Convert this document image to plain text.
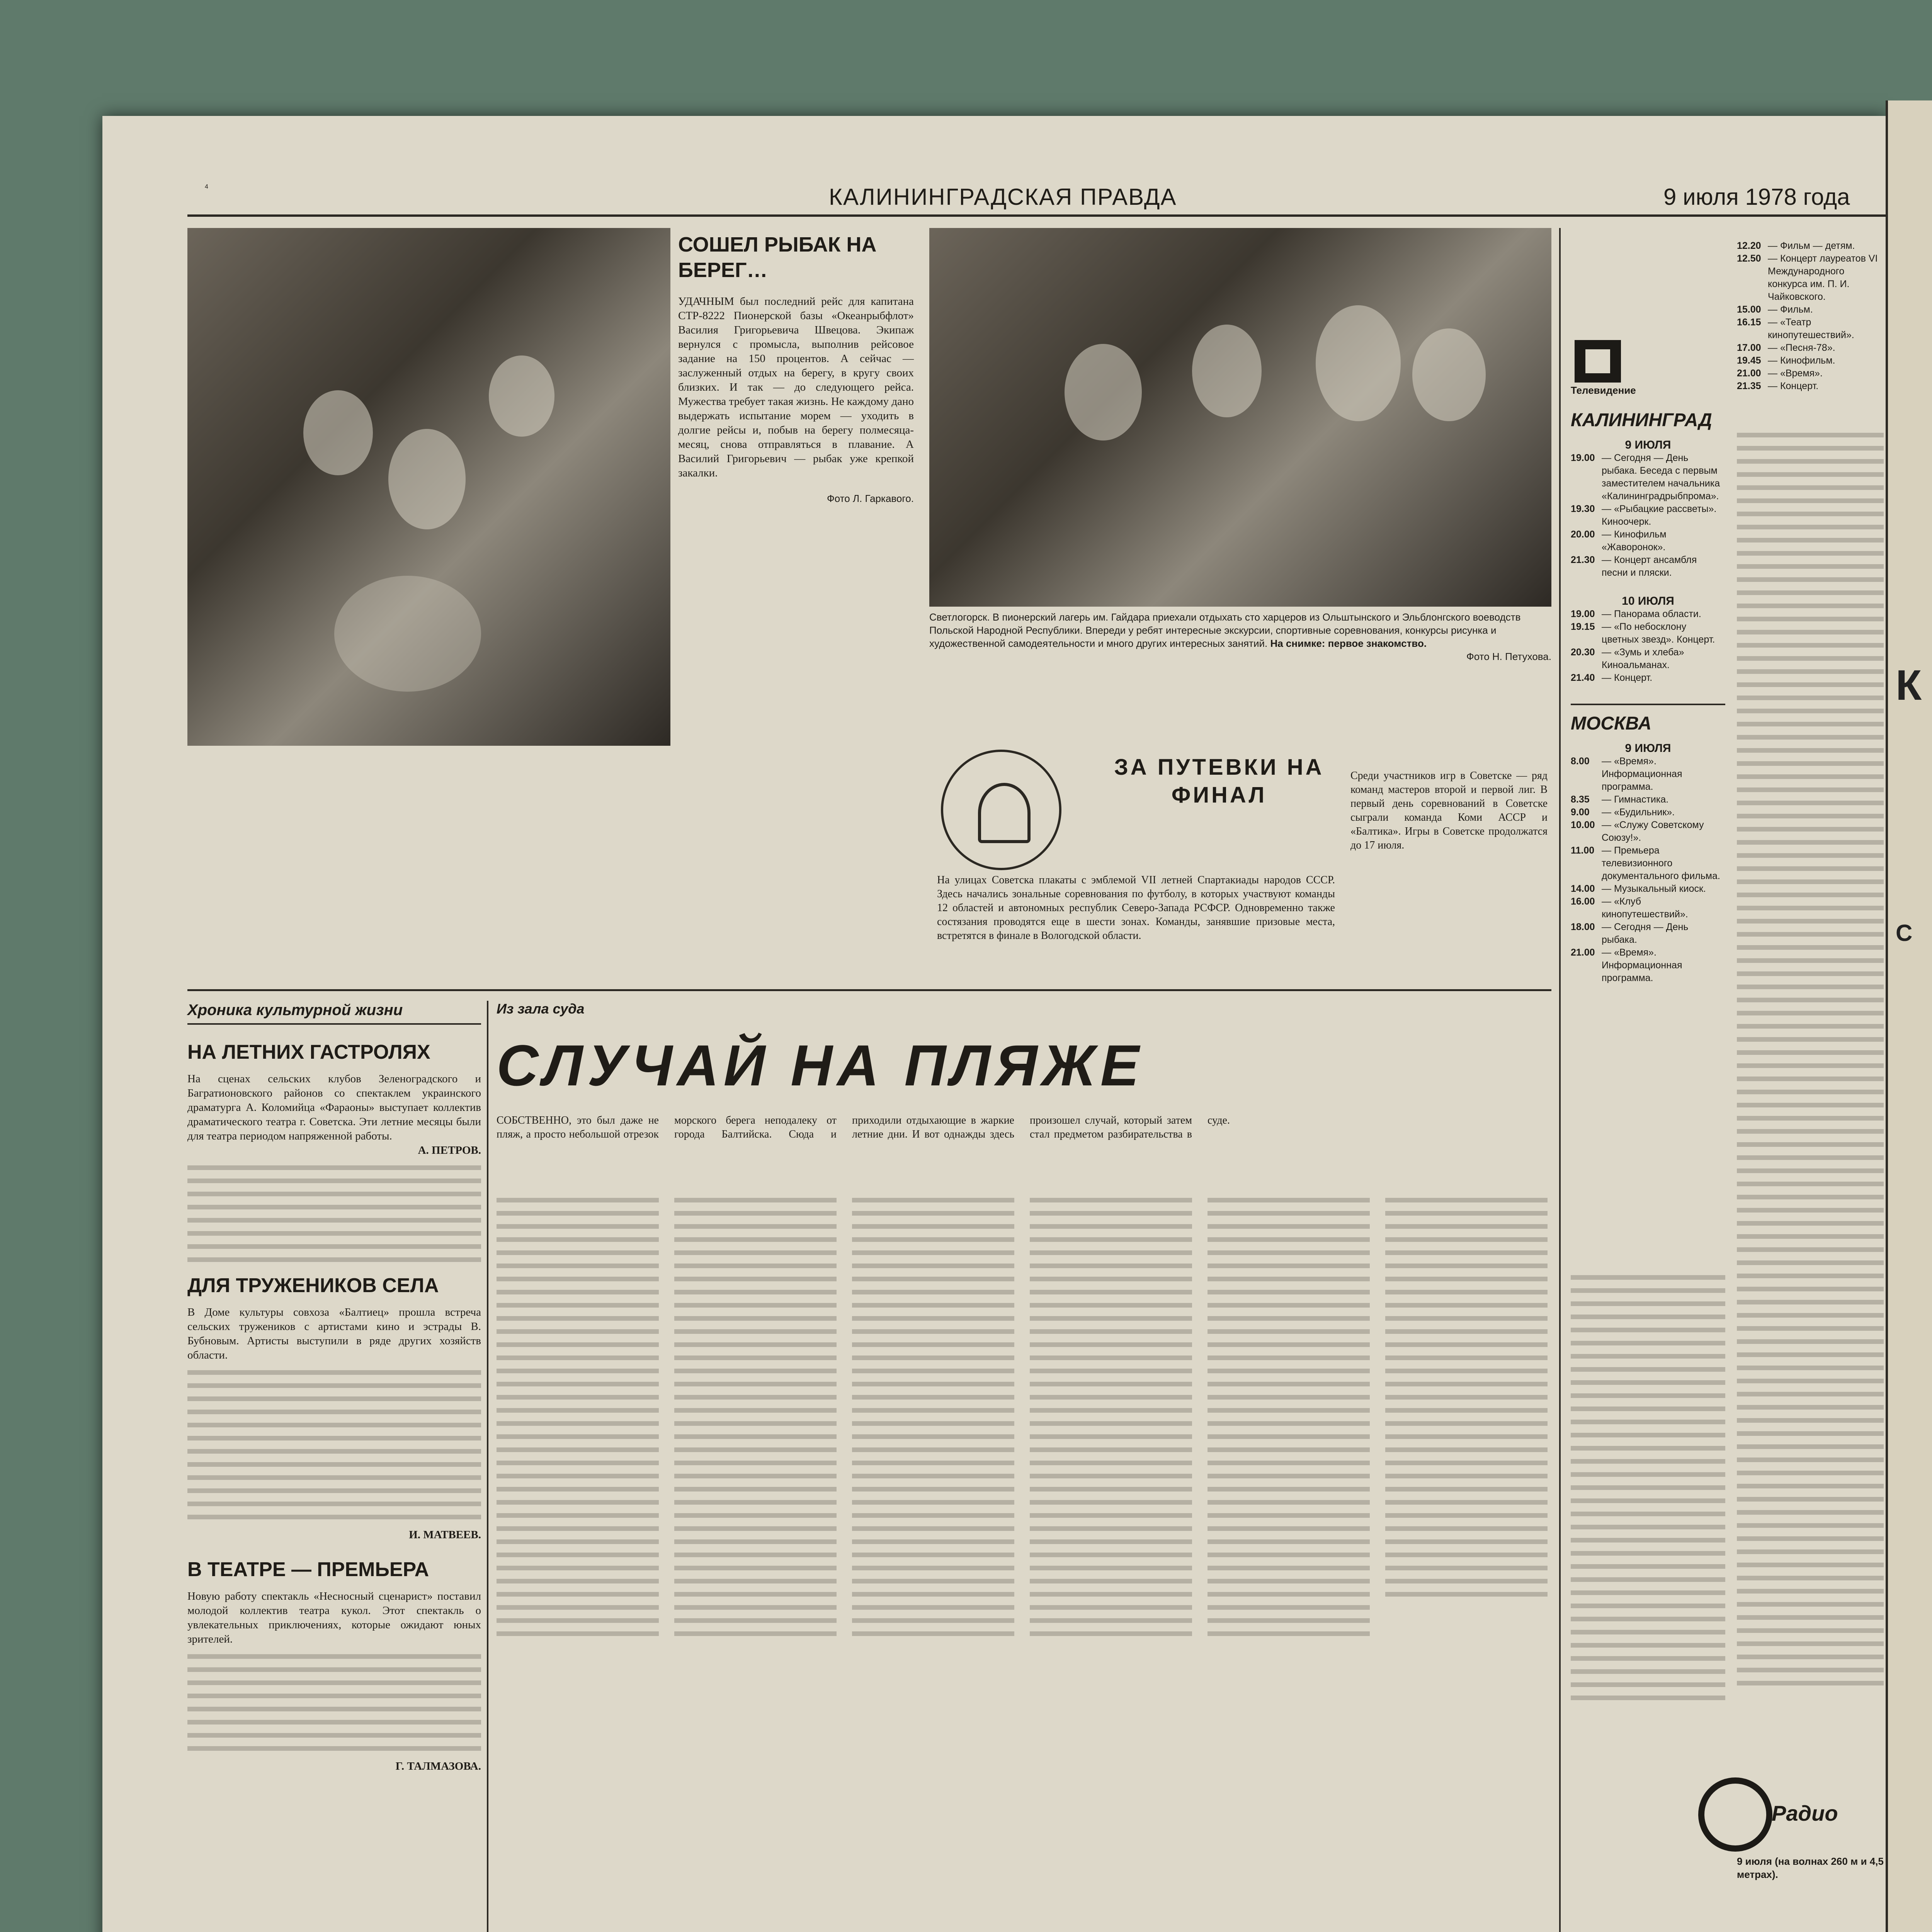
4	КАЛИНИНГРАДСКАЯ ПРАВДА	9 июля 1978 года
СОШЕЛ РЫБАК НА БЕРЕГ…
УДАЧНЫМ был последний рейс для капитана СТР-8222 Пионерской базы «Океанрыбфлот» Василия Григорьевича Швецова. Экипаж вернулся с промысла, выполнив рейсовое задание на 150 процентов. А сейчас — заслуженный отдых на берегу, в кругу своих близких. И так — до следующего рейса. Мужества требует такая жизнь. Не каждому дано выдержать испытание морем — уходить в долгие рейсы и, побыв на берегу полмесяца-месяц, снова отправляться в плавание. А Василий Григорьевич — рыбак уже крепкой закалки.
Фото Л. Гаркавого.
Светлогорск. В пионерский лагерь им. Гайдара приехали отдыхать сто харцеров из Ольштынского и Эльблонгского воеводств Польской Народной Республики. Впереди у ребят интересные экскурсии, спортивные соревнования, конкурсы рисунка и художественной самодеятельности и много других интересных занятий. На снимке: первое знакомство.
Фото Н. Петухова.
ЗА ПУТЕВКИ НА ФИНАЛ
На улицах Советска плакаты с эмблемой VII летней Спартакиады народов СССР. Здесь начались зональные соревнования по футболу, в которых участвуют команды 12 областей и автономных республик Северо-Запада РСФСР. Одновременно также состязания проводятся еще в шести зонах. Команды, занявшие призовые места, встретятся в финале в Вологодской области.
Среди участников игр в Советске — ряд команд мастеров второй и первой лиг. В первый день соревнований в Советске сыграли команда Коми АССР и «Балтика». Игры в Советске продолжатся до 17 июля.
Хроника культурной жизни
НА ЛЕТНИХ ГАСТРОЛЯХ
На сценах сельских клубов Зеленоградского и Багратионовского районов со спектаклем украинского драматурга А. Коломийца «Фараоны» выступает коллектив драматического театра г. Советска. Эти летние месяцы были для театра периодом напряженной работы.
А. ПЕТРОВ.
ДЛЯ ТРУЖЕНИКОВ СЕЛА
В Доме культуры совхоза «Балтиец» прошла встреча сельских тружеников с артистами кино и эстрады В. Бубновым. Артисты выступили в ряде других хозяйств области.
И. МАТВЕЕВ.
В ТЕАТРЕ — ПРЕМЬЕРА
Новую работу спектакль «Несносный сценарист» поставил молодой коллектив театра кукол. Этот спектакль о увлекательных приключениях, которые ожидают юных зрителей.
Г. ТАЛМАЗОВА.
Из зала суда
СЛУЧАЙ НА ПЛЯЖЕ
СОБСТВЕННО, это был даже не пляж, а просто небольшой отрезок морского берега неподалеку от города Балтийска. Сюда и приходили отдыхающие в жаркие летние дни. И вот однажды здесь произошел случай, который затем стал предметом разбирательства в суде.
Телевидение
КАЛИНИНГРАД
9 ИЮЛЯ
19.00 — Сегодня — День рыбака. Беседа с первым заместителем начальника «Калининградрыбпрома».
19.30 — «Рыбацкие рассветы». Киноочерк.
20.00 — Кинофильм «Жаворонок».
21.30 — Концерт ансамбля песни и пляски.
10 ИЮЛЯ
19.00 — Панорама области.
19.15 — «По небосклону цветных звезд». Концерт.
20.30 — «Зумь и хлеба» Киноальманах.
21.40 — Концерт.
МОСКВА
9 ИЮЛЯ
8.00	— «Время». Информационная программа.
8.35	— Гимнастика.
9.00	— «Будильник».
10.00 — «Служу Советскому Союзу!».
11.00 — Премьера телевизионного документального фильма.
14.00 — Музыкальный киоск.
16.00 — «Клуб кинопутешествий».
18.00 — Сегодня — День рыбака.
21.00 — «Время». Информационная программа.
12.20 — Фильм — детям.
12.50 — Концерт лауреатов VI Международного конкурса им. П. И. Чайковского.
15.00 — Фильм.
16.15 — «Театр кинопутешествий».
17.00 — «Песня-78».
19.45 — Кинофильм.
21.00 — «Время».
21.35 — Концерт.
Радио
9 июля (на волнах 260 м и 4,5 метрах).
К
С
